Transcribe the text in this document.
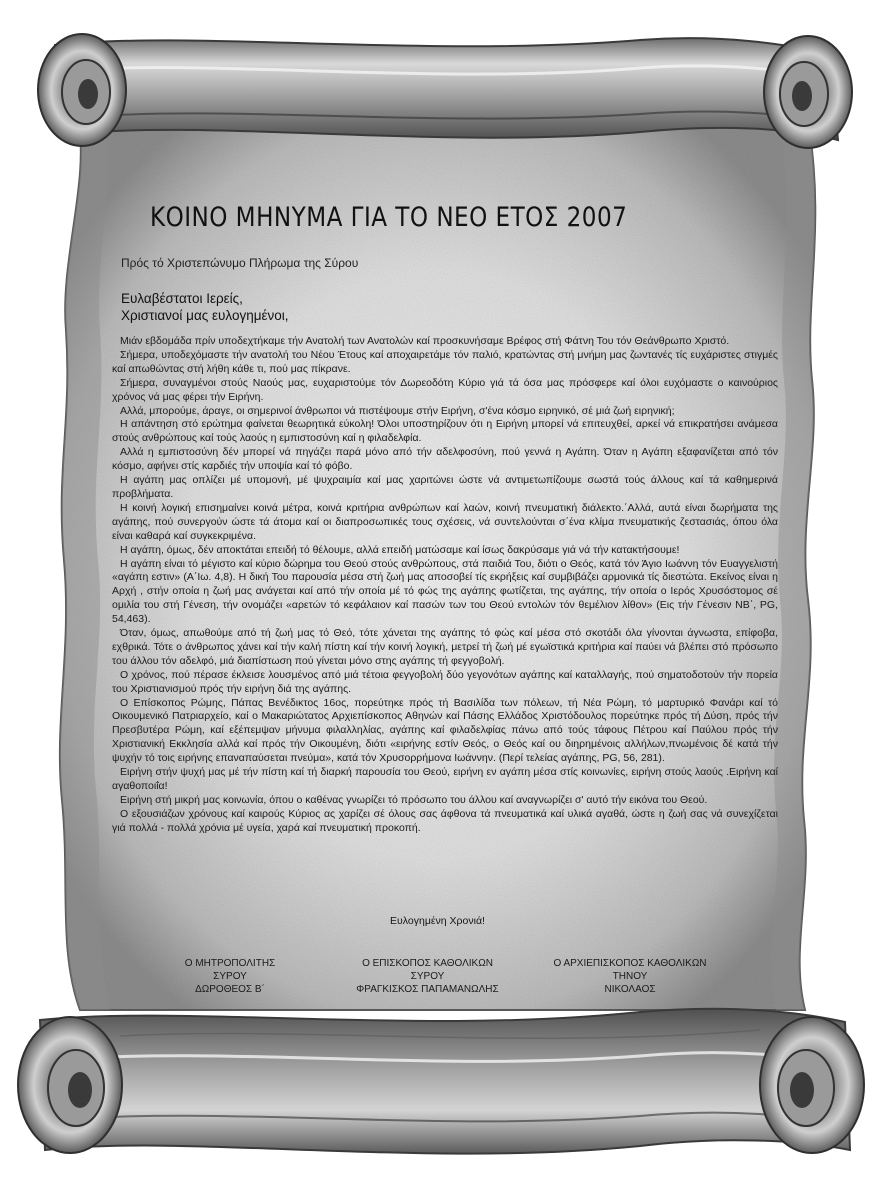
ΚΟΙΝΟ ΜΗΝΥΜΑ ΓΙΑ ΤΟ ΝΕΟ ΕΤΟΣ 2007
Πρός τό Χριστεπώνυμο Πλήρωμα της Σύρου
Ευλαβέστατοι Ιερείς,
Χριστιανοί μας ευλογημένοι,

Μιάν εβδομάδα πρίν υποδεχτήκαμε τήν Ανατολή των Ανατολών καί προσκυνήσαμε Βρέφος στή Φάτνη Του τόν Θεάνθρωπο Χριστό.

Σήμερα, υποδεχόμαστε τήν ανατολή του Νέου Έτους καί αποχαιρετάμε τόν παλιό, κρατώντας στή μνήμη μας ζωντανές τίς ευχάριστες στιγμές καί απωθώντας στή λήθη κάθε τι, πού μας πίκρανε.

Σήμερα, συναγμένοι στούς Ναούς μας, ευχαριστούμε τόν Δωρεοδότη Κύριο γιά τά όσα μας πρόσφερε καί όλοι ευχόμαστε ο καινούριος χρόνος νά μας φέρει τήν Ειρήνη.

Αλλά, μπορούμε, άραγε, οι σημερινοί άνθρωποι νά πιστέψουμε στήν Ειρήνη, σ'ένα κόσμο ειρηνικό, σέ μιά ζωή ειρηνική;

Η απάντηση στό ερώτημα φαίνεται θεωρητικά εύκολη! Όλοι υποστηρίζουν ότι η Ειρήνη μπορεί νά επιτευχθεί, αρκεί νά επικρατήσει ανάμεσα στούς ανθρώπους καί τούς λαούς η εμπιστοσύνη καί η φιλαδελφία.

Αλλά η εμπιστοσύνη δέν μπορεί νά πηγάζει παρά μόνο από τήν αδελφοσύνη, πού γεννά η Αγάπη. Όταν η Αγάπη εξαφανίζεται από τόν κόσμο, αφήνει στίς καρδιές τήν υποψία καί τό φόβο.

Η αγάπη μας οπλίζει μέ υπομονή, μέ ψυχραιμία καί μας χαριτώνει ώστε νά αντιμετωπίζουμε σωστά τούς άλλους καί τά καθημερινά προβλήματα.

Η κοινή λογική επισημαίνει κοινά μέτρα, κοινά κριτήρια ανθρώπων καί λαών, κοινή πνευματική διάλεκτο.΄Αλλά, αυτά είναι δωρήματα της αγάπης, πού συνεργούν ώστε τά άτομα καί οι διαπροσωπικές τους σχέσεις, νά συντελούνται σ΄ένα κλίμα πνευματικής ζεστασιάς, όπου όλα είναι καθαρά καί συγκεκριμένα.

Η αγάπη, όμως, δέν αποκτάται επειδή τό θέλουμε, αλλά επειδή ματώσαμε καί ίσως δακρύσαμε γιά νά τήν κατακτήσουμε!

Η αγάπη είναι τό μέγιστο καί κύριο δώρημα του Θεού στούς ανθρώπους, στά παιδιά Του, διότι ο Θεός, κατά τόν Άγιο Ιωάννη τόν Ευαγγελιστή «αγάπη εστιν» (Α΄Ιω. 4,8). Η δική Του παρουσία μέσα στή ζωή μας αποσοβεί τίς εκρήξεις καί συμβιβάζει αρμονικά τίς διεστώτα. Εκείνος είναι η Αρχή , στήν οποία η ζωή μας ανάγεται καί από τήν οποία μέ τό φώς της αγάπης φωτίζεται, της αγάπης, τήν οποία ο Ιερός Χρυσόστομος σέ ομιλία του στή Γένεση, τήν ονομάζει «αρετών τό κεφάλαιον καί πασών των του Θεού εντολών τόν θεμέλιον λίθον» (Εις τήν Γένεσιν ΝΒ΄, PG, 54,463).

Όταν, όμως, απωθούμε από τή ζωή μας τό Θεό, τότε χάνεται της αγάπης τό φώς καί μέσα στό σκοτάδι όλα γίνονται άγνωστα, επίφοβα, εχθρικά. Τότε ο άνθρωπος χάνει καί τήν καλή πίστη καί τήν κοινή λογική, μετρεί τή ζωή μέ εγωϊστικά κριτήρια καί παύει νά βλέπει στό πρόσωπο του άλλου τόν αδελφό, μιά διαπίστωση πού γίνεται μόνο στης αγάπης τή φεγγοβολή.

Ο χρόνος, πού πέρασε έκλεισε λουσμένος από μιά τέτοια φεγγοβολή δύο γεγονότων αγάπης καί καταλλαγής, πού σηματοδοτούν τήν πορεία του Χριστιανισμού πρός τήν ειρήνη διά της αγάπης.

Ο Επίσκοπος Ρώμης, Πάπας Βενέδικτος 16ος, πορεύτηκε πρός τή Βασιλίδα των πόλεων, τή Νέα Ρώμη, τό μαρτυρικό Φανάρι καί τό Οικουμενικό Πατριαρχείο, καί ο Μακαριώτατος Αρχιεπίσκοπος Αθηνών καί Πάσης Ελλάδος Χριστόδουλος πορεύτηκε πρός τή Δύση, πρός τήν Πρεσβυτέρα Ρώμη, καί εξέπεμψαν μήνυμα φιλαλληλίας, αγάπης καί φιλαδελφίας πάνω από τούς τάφους Πέτρου καί Παύλου πρός τήν Χριστιανική Εκκλησία αλλά καί πρός τήν Οικουμένη, διότι «ειρήνης εστίν Θεός, ο Θεός καί ου διηρημένοις αλλήλων,πνωμένοις δέ κατά τήν ψυχήν τό τοις ειρήνης επαναπαύσεται πνεύμα», κατά τόν Χρυσορρήμονα Ιωάννην. (Περί τελείας αγάπης, PG, 56, 281).

Ειρήνη στήν ψυχή μας μέ τήν πίστη καί τή διαρκή παρουσία του Θεού, ειρήνη εν αγάπη μέσα στίς κοινωνίες, ειρήνη στούς λαούς .Ειρήνη καί αγαθοποιΐα!

Ειρήνη στή μικρή μας κοινωνία, όπου ο καθένας γνωρίζει τό πρόσωπο του άλλου καί αναγνωρίζει σ' αυτό τήν εικόνα του Θεού.

Ο εξουσιάζων χρόνους καί καιρούς Κύριος ας χαρίζει σέ όλους σας άφθονα τά πνευματικά καί υλικά αγαθά, ώστε η ζωή σας νά συνεχίζεται γιά πολλά - πολλά χρόνια μέ υγεία, χαρά καί πνευματική προκοπή.

Ευλογημένη Χρονιά!
Ο ΜΗΤΡΟΠΟΛΙΤΗΣ
ΣΥΡΟΥ
ΔΩΡΟΘΕΟΣ Β΄
Ο ΕΠΙΣΚΟΠΟΣ ΚΑΘΟΛΙΚΩΝ
ΣΥΡΟΥ
ΦΡΑΓΚΙΣΚΟΣ ΠΑΠΑΜΑΝΩΛΗΣ
Ο ΑΡΧΙΕΠΙΣΚΟΠΟΣ ΚΑΘΟΛΙΚΩΝ
ΤΗΝΟΥ
ΝΙΚΟΛΑΟΣ
